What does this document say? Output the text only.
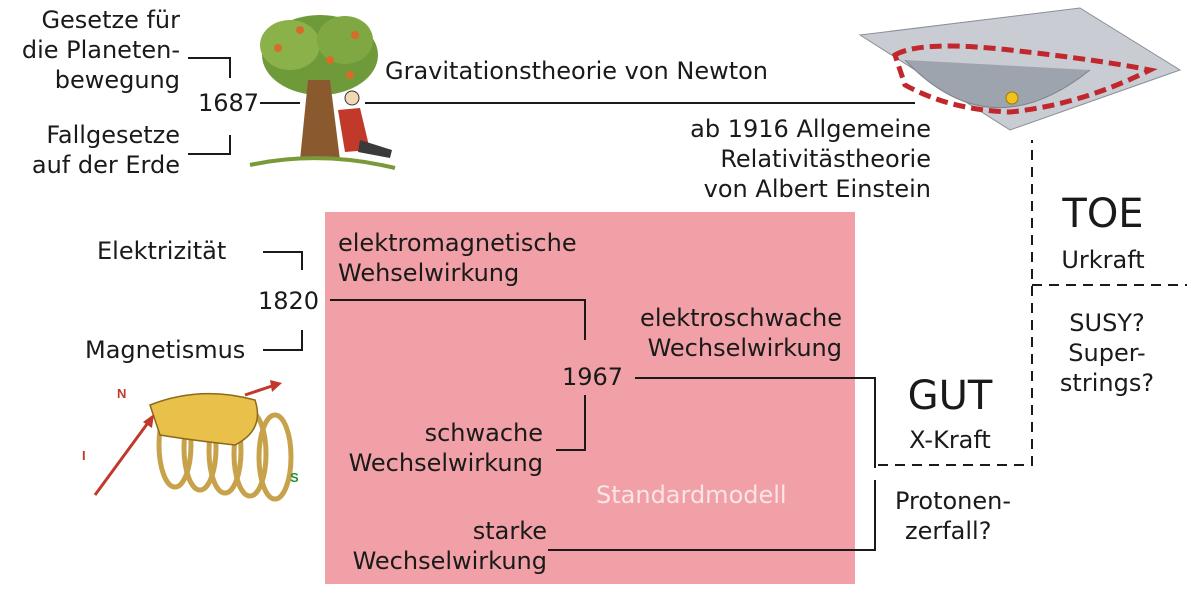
N
I
S
Gesetze für
die Planeten-
bewegung
1687
Fallgesetze
auf der Erde
Gravitationstheorie von Newton
ab 1916 Allgemeine
Relativitästheorie
von Albert Einstein
TOE
Urkraft
SUSY?
Super-
strings?
Elektrizität
1820
Magnetismus
elektromagnetische
Wehselwirkung
elektroschwache
Wechselwirkung
1967
schwache
Wechselwirkung
Standardmodell
starke
Wechselwirkung
GUT
X-Kraft
Protonen-
zerfall?
